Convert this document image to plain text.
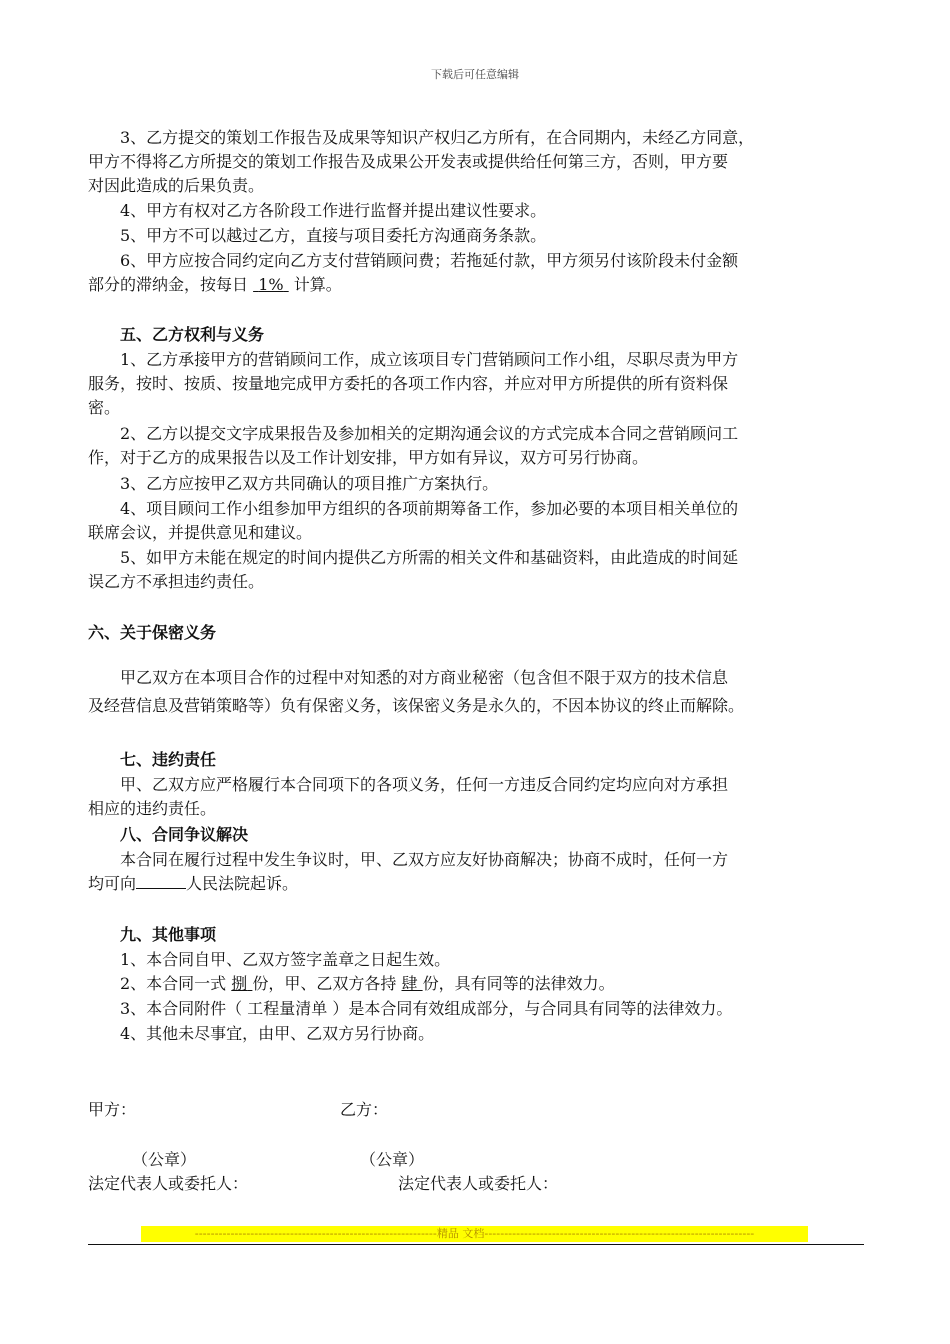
下载后可任意编辑
3、乙方提交的策划工作报告及成果等知识产权归乙方所有，在合同期内，未经乙方同意，
甲方不得将乙方所提交的策划工作报告及成果公开发表或提供给任何第三方，否则，甲方要
对因此造成的后果负责。
4、甲方有权对乙方各阶段工作进行监督并提出建议性要求。
5、甲方不可以越过乙方，直接与项目委托方沟通商务条款。
6、甲方应按合同约定向乙方支付营销顾问费；若拖延付款，甲方须另付该阶段未付金额
部分的滞纳金，按每日 1% 计算。
五、乙方权利与义务
1、乙方承接甲方的营销顾问工作，成立该项目专门营销顾问工作小组，尽职尽责为甲方
服务，按时、按质、按量地完成甲方委托的各项工作内容，并应对甲方所提供的所有资料保
密。
2、乙方以提交文字成果报告及参加相关的定期沟通会议的方式完成本合同之营销顾问工
作，对于乙方的成果报告以及工作计划安排，甲方如有异议，双方可另行协商。
3、乙方应按甲乙双方共同确认的项目推广方案执行。
4、项目顾问工作小组参加甲方组织的各项前期筹备工作，参加必要的本项目相关单位的
联席会议，并提供意见和建议。
5、如甲方未能在规定的时间内提供乙方所需的相关文件和基础资料，由此造成的时间延
误乙方不承担违约责任。
六、关于保密义务
甲乙双方在本项目合作的过程中对知悉的对方商业秘密（包含但不限于双方的技术信息
及经营信息及营销策略等）负有保密义务，该保密义务是永久的，不因本协议的终止而解除。
七、违约责任
甲、乙双方应严格履行本合同项下的各项义务，任何一方违反合同约定均应向对方承担
相应的违约责任。
八、合同争议解决
本合同在履行过程中发生争议时，甲、乙双方应友好协商解决；协商不成时，任何一方
均可向	人民法院起诉。
九、其他事项
1、本合同自甲、乙双方签字盖章之日起生效。
2、本合同一式 捌 份，甲、乙双方各持 肆 份，具有同等的法律效力。
3、本合同附件（ 工程量清单 ）是本合同有效组成部分，与合同具有同等的法律效力。
4、其他未尽事宜，由甲、乙双方另行协商。
甲方：	乙方：
（公章）	（公章）
法定代表人或委托人：	法定代表人或委托人：
-------------------------------------------------------------精品 文档--------------------------------------------------------------------
